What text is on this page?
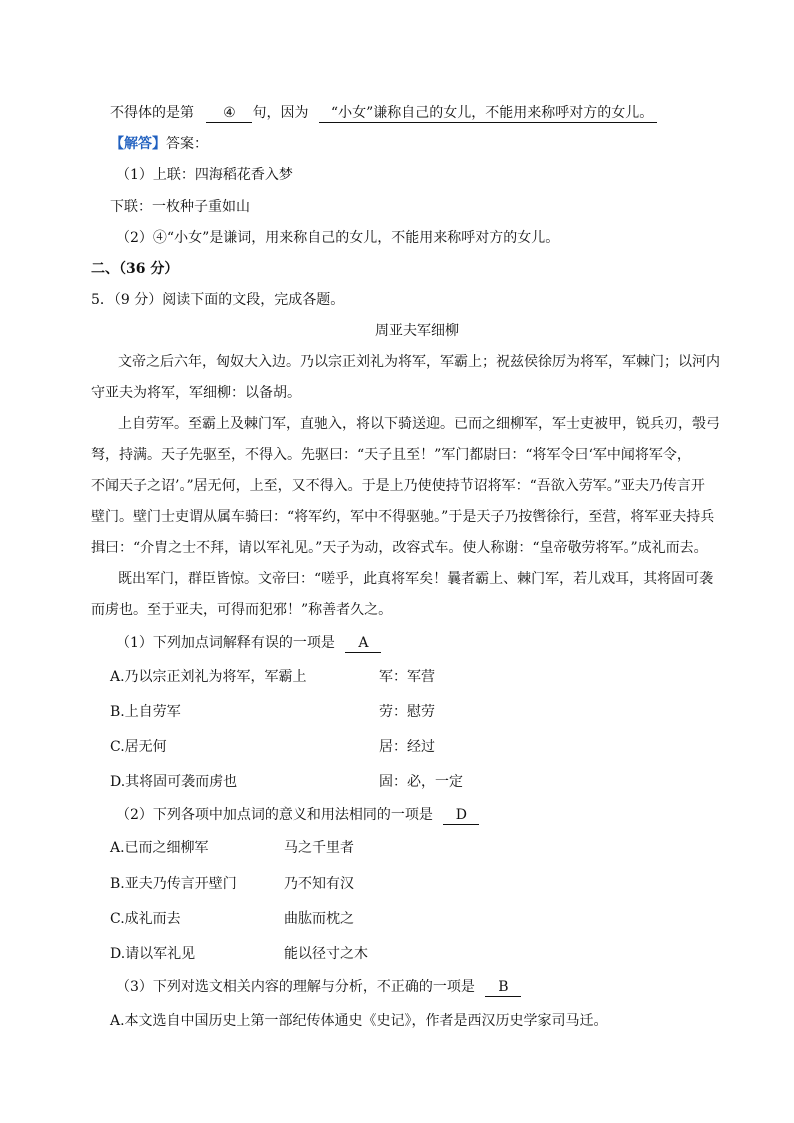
不得体的是第 ④ 句，因为 “小女”谦称自己的女儿，不能用来称呼对方的女儿。
【解答】答案：
（1）上联：四海稻花香入梦
下联：一枚种子重如山
（2）④“小女”是谦词，用来称自己的女儿，不能用来称呼对方的女儿。
二、（36 分）
5．（9 分）阅读下面的文段，完成各题。
周亚夫军细柳
文帝之后六年，匈奴大入边。乃以宗正刘礼为将军，军霸上；祝兹侯徐厉为将军，军棘门；以河内
守亚夫为将军，军细柳：以备胡。
上自劳军。至霸上及棘门军，直驰入，将以下骑送迎。已而之细柳军，军士吏被甲，锐兵刃，彀弓
弩，持满。天子先驱至，不得入。先驱曰：“天子且至！”军门都尉曰：“将军令曰‘军中闻将军令，
不闻天子之诏’。”居无何，上至，又不得入。于是上乃使使持节诏将军：“吾欲入劳军。”亚夫乃传言开
壁门。壁门士吏谓从属车骑曰：“将军约，军中不得驱驰。”于是天子乃按辔徐行，至营，将军亚夫持兵
揖曰：“介胄之士不拜，请以军礼见。”天子为动，改容式车。使人称谢：“皇帝敬劳将军。”成礼而去。
既出军门，群臣皆惊。文帝曰：“嗟乎，此真将军矣！曩者霸上、棘门军，若儿戏耳，其将固可袭
而虏也。至于亚夫，可得而犯邪！”称善者久之。
（1）下列加点词解释有误的一项是 A
A.乃以宗正刘礼为将军，军霸上	军：军营
B.上自劳军	劳：慰劳
C.居无何	居：经过
D.其将固可袭而虏也	固：必，一定
（2）下列各项中加点词的意义和用法相同的一项是 D
A.已而之细柳军	马之千里者
B.亚夫乃传言开壁门	乃不知有汉
C.成礼而去	曲肱而枕之
D.请以军礼见	能以径寸之木
（3）下列对选文相关内容的理解与分析，不正确的一项是 B
A.本文选自中国历史上第一部纪传体通史《史记》，作者是西汉历史学家司马迁。
